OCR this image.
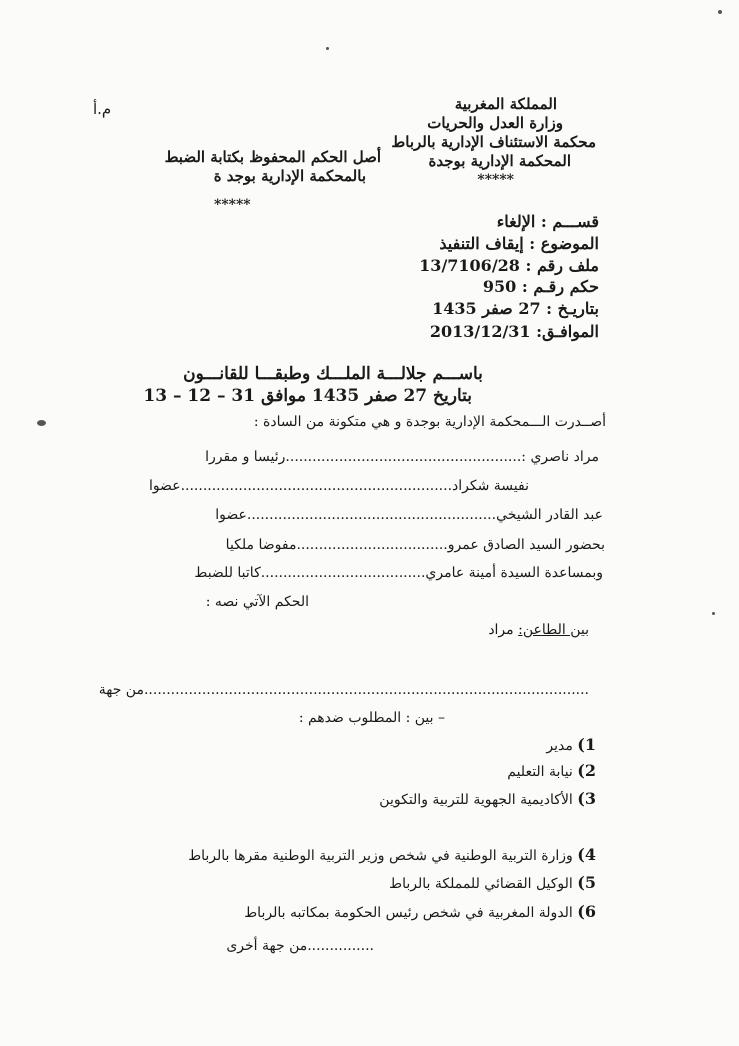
م.أ	المملكة المغربية
وزارة العدل والحريات
محكمة الاستئناف الإدارية بالرباط
المحكمة الإدارية بوجدة
*****
أصل الحكم المحفوظ بكتابة الضبط
بالمحكمة الإدارية بوجد ة
*****
قســـم : الإلغاء
الموضوع : إيقاف التنفيذ
ملف رقم : 13/7106/28
حكم رقـم : 950
بتاريـخ : 27 صفر 1435
الموافـق: 2013/12/31
باســـم جلالـــة الملـــك وطبقـــا للقانـــون
بتاريخ 27 صفر 1435 موافق 31 – 12 – 13
أصــدرت الـــمحكمة الإدارية بوجدة و هي متكونة من السادة :
مراد ناصري :.....................................................رئيسا و مقررا
نفيسة شكراد.............................................................عضوا
عبد القادر الشيخي........................................................عضوا
بحضور السيد الصادق عمرو..................................مفوضا ملكيا
وبمساعدة السيدة أمينة عامري.....................................كاتبا للضبط
الحكم الآتي نصه :
بين الطاعن: مراد
....................................................................................................من جهة
– بين : المطلوب ضدهم :
1) مدير
2) نيابة التعليم
3) الأكاديمية الجهوية للتربية والتكوين
4) وزارة التربية الوطنية في شخص وزير التربية الوطنية مقرها بالرباط
5) الوكيل القضائي للمملكة بالرباط
6) الدولة المغربية في شخص رئيس الحكومة بمكاتبه بالرباط
...............من جهة أخرى
